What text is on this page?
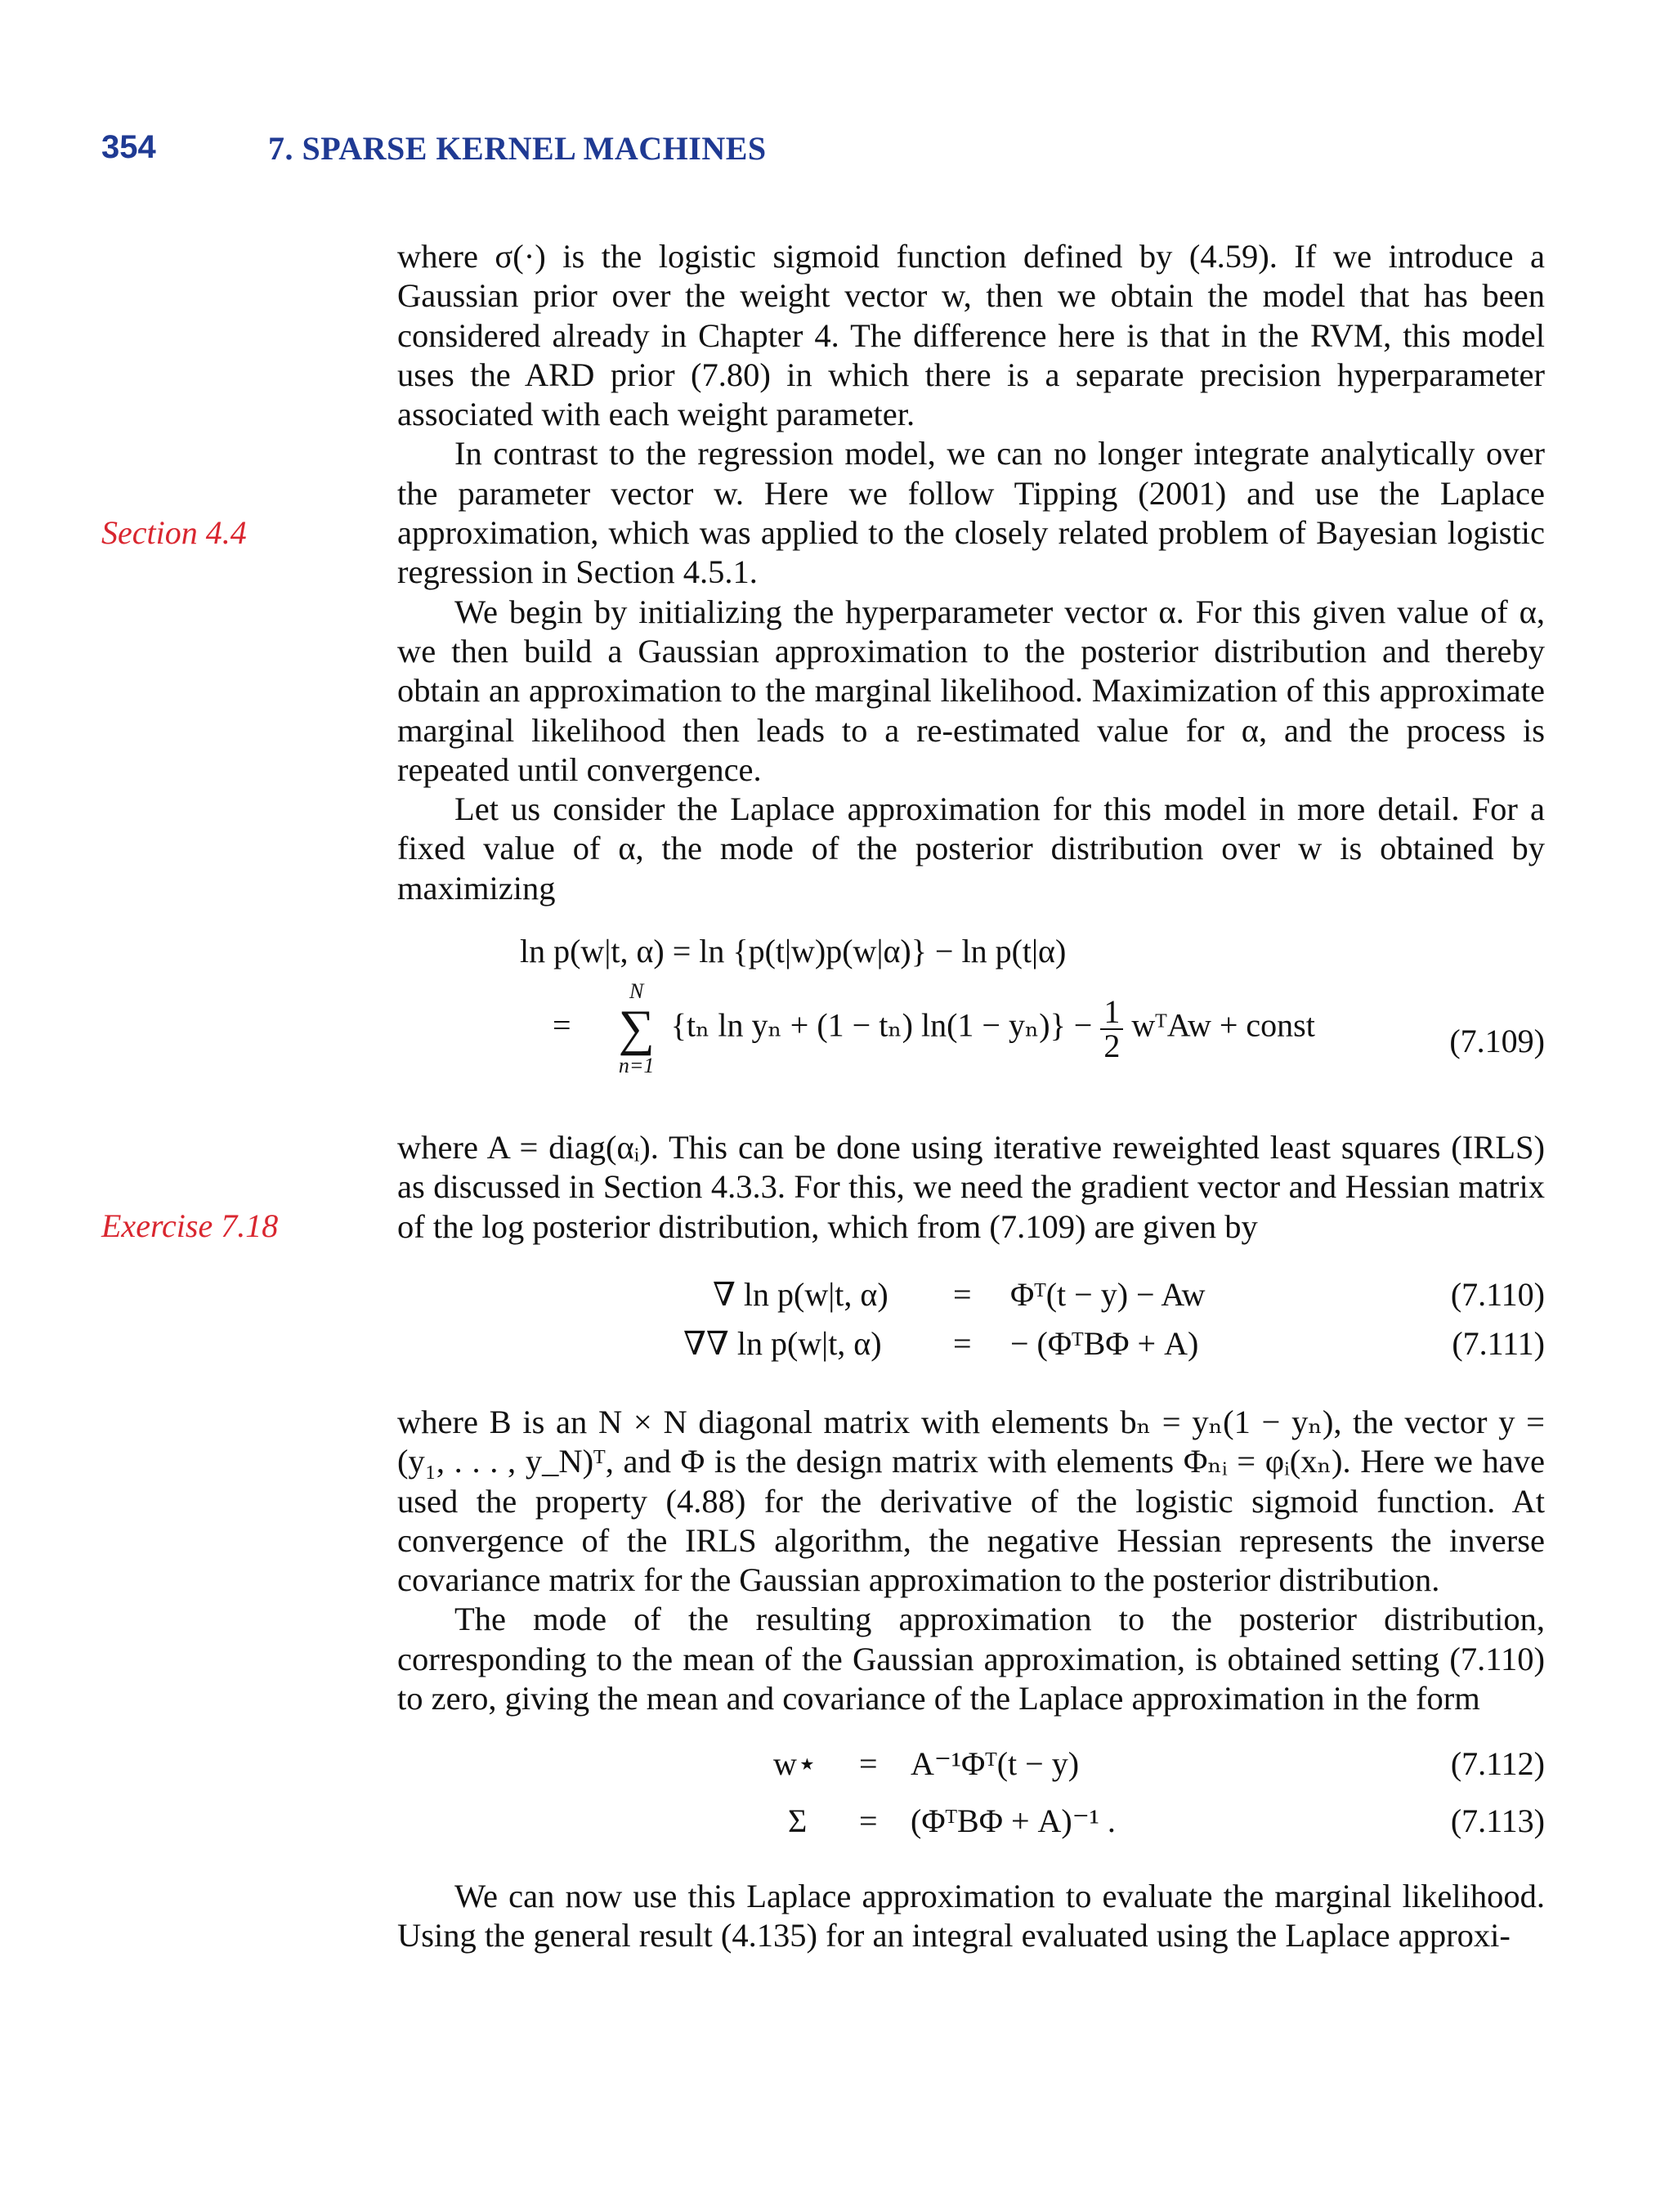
354	7. SPARSE KERNEL MACHINES
Section 4.4
Exercise 7.18

where σ(·) is the logistic sigmoid function defined by (4.59). If we introduce a Gaussian prior over the weight vector w, then we obtain the model that has been considered already in Chapter 4. The difference here is that in the RVM, this model uses the ARD prior (7.80) in which there is a separate precision hyperparameter associated with each weight parameter.

In contrast to the regression model, we can no longer integrate analytically over the parameter vector w. Here we follow Tipping (2001) and use the Laplace approximation, which was applied to the closely related problem of Bayesian logistic regression in Section 4.5.1.

We begin by initializing the hyperparameter vector α. For this given value of α, we then build a Gaussian approximation to the posterior distribution and thereby obtain an approximation to the marginal likelihood. Maximization of this approximate marginal likelihood then leads to a re-estimated value for α, and the process is repeated until convergence.

Let us consider the Laplace approximation for this model in more detail. For a fixed value of α, the mode of the posterior distribution over w is obtained by maximizing

ln p(w|t, α) = ln {p(t|w)p(w|α)} − ln p(t|α)
=
N
∑
n=1
{tₙ ln yₙ + (1 − tₙ) $\ln(1 - y_n)\} - \frac{1}{2}$ wᵀAw + const	(7.109)

where A = diag(αᵢ). This can be done using iterative reweighted least squares (IRLS) as discussed in Section 4.3.3. For this, we need the gradient vector and Hessian matrix of the log posterior distribution, which from (7.109) are given by

∇ ln p(w|t, α) = Φᵀ(t − y) − Aw	(7.110)
∇∇ ln p(w|t, α) = − (ΦᵀBΦ + A)	(7.111)

where B is an N × N diagonal matrix with elements bₙ = yₙ(1 − yₙ), the vector y = (y₁, . . . , y_N)ᵀ, and Φ is the design matrix with elements Φₙᵢ = φᵢ(xₙ). Here we have used the property (4.88) for the derivative of the logistic sigmoid function. At convergence of the IRLS algorithm, the negative Hessian represents the inverse covariance matrix for the Gaussian approximation to the posterior distribution.

The mode of the resulting approximation to the posterior distribution, corresponding to the mean of the Gaussian approximation, is obtained setting (7.110) to zero, giving the mean and covariance of the Laplace approximation in the form

w⋆ = A⁻¹Φᵀ(t − y)	(7.112)
Σ = (ΦᵀBΦ + A)⁻¹ .	(7.113)

We can now use this Laplace approximation to evaluate the marginal likelihood. Using the general result (4.135) for an integral evaluated using the Laplace approxi-
